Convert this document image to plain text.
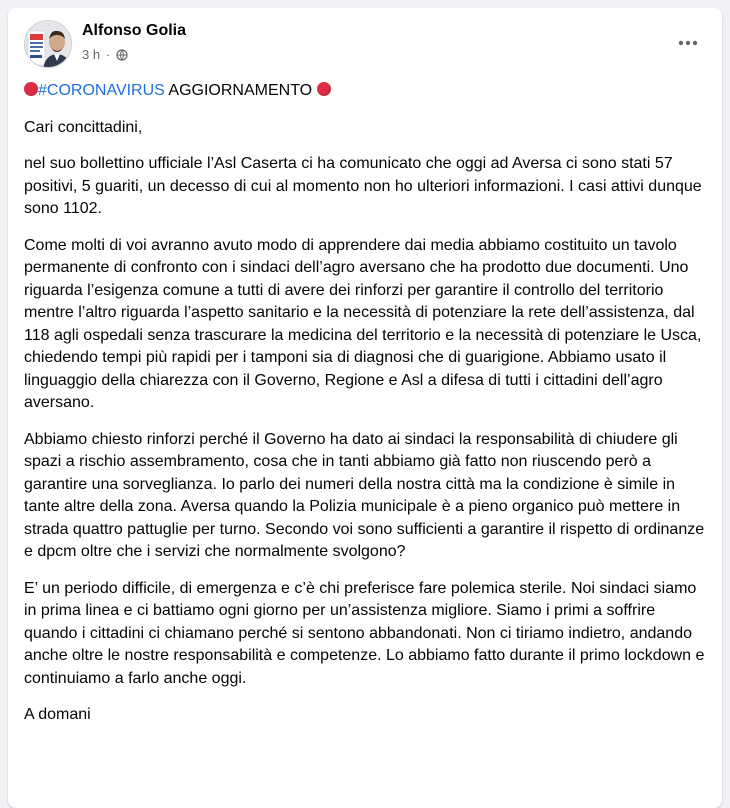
Alfonso Golia
3 h ·

#CORONAVIRUS AGGIORNAMENTO

Cari concittadini,

nel suo bollettino ufficiale l’Asl Caserta ci ha comunicato che oggi ad Aversa ci sono stati 57 positivi, 5 guariti, un decesso di cui al momento non ho ulteriori informazioni. I casi attivi dunque sono 1102.

Come molti di voi avranno avuto modo di apprendere dai media abbiamo costituito un tavolo permanente di confronto con i sindaci dell’agro aversano che ha prodotto due documenti. Uno riguarda l’esigenza comune a tutti di avere dei rinforzi per garantire il controllo del territorio mentre l’altro riguarda l’aspetto sanitario e la necessità di potenziare la rete dell’assistenza, dal 118 agli ospedali senza trascurare la medicina del territorio e la necessità di potenziare le Usca, chiedendo tempi più rapidi per i tamponi sia di diagnosi che di guarigione. Abbiamo usato il linguaggio della chiarezza con il Governo, Regione e Asl a difesa di tutti i cittadini dell’agro aversano.

Abbiamo chiesto rinforzi perché il Governo ha dato ai sindaci la responsabilità di chiudere gli spazi a rischio assembramento, cosa che in tanti abbiamo già fatto non riuscendo però a garantire una sorveglianza. Io parlo dei numeri della nostra città ma la condizione è simile in tante altre della zona. Aversa quando la Polizia municipale è a pieno organico può mettere in strada quattro pattuglie per turno. Secondo voi sono sufficienti a garantire il rispetto di ordinanze e dpcm oltre che i servizi che normalmente svolgono?

E’ un periodo difficile, di emergenza e c’è chi preferisce fare polemica sterile. Noi sindaci siamo in prima linea e ci battiamo ogni giorno per un’assistenza migliore. Siamo i primi a soffrire quando i cittadini ci chiamano perché si sentono abbandonati. Non ci tiriamo indietro, andando anche oltre le nostre responsabilità e competenze. Lo abbiamo fatto durante il primo lockdown e continuiamo a farlo anche oggi.

A domani
